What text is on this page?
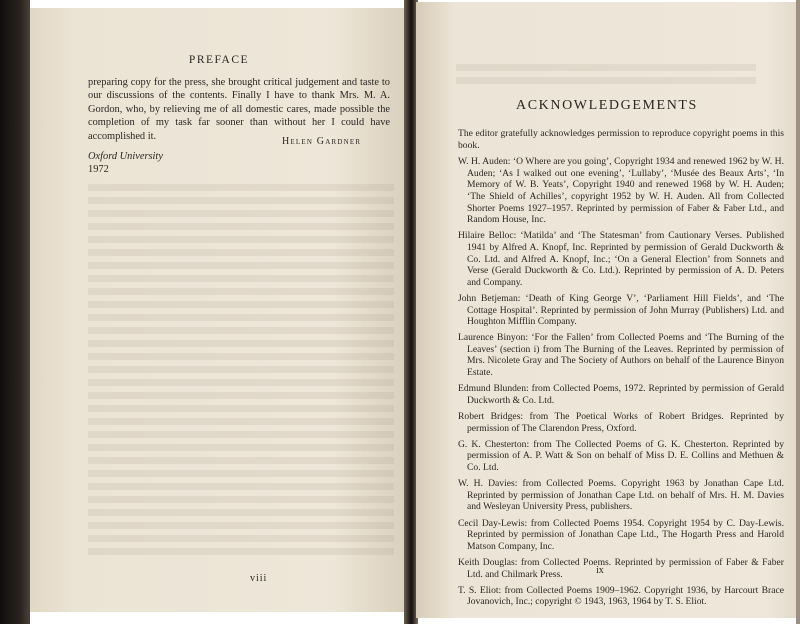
PREFACE
preparing copy for the press, she brought critical judgement and taste to our discussions of the contents. Finally I have to thank Mrs. M. A. Gordon, who, by relieving me of all domestic cares, made possible the completion of my task far sooner than without her I could have accomplished it.	Helen Gardner
Oxford University
1972
viii
ACKNOWLEDGEMENTS

The editor gratefully acknowledges permission to reproduce copyright poems in this book.

W. H. Auden: ‘O Where are you going’, Copyright 1934 and renewed 1962 by W. H. Auden; ‘As I walked out one evening’, ‘Lullaby’, ‘Musée des Beaux Arts’, ‘In Memory of W. B. Yeats’, Copyright 1940 and renewed 1968 by W. H. Auden; ‘The Shield of Achilles’, copyright 1952 by W. H. Auden. All from Collected Shorter Poems 1927–1957. Reprinted by permission of Faber & Faber Ltd., and Random House, Inc.

Hilaire Belloc: ‘Matilda’ and ‘The Statesman’ from Cautionary Verses. Published 1941 by Alfred A. Knopf, Inc. Reprinted by permission of Gerald Duckworth & Co. Ltd. and Alfred A. Knopf, Inc.; ‘On a General Election’ from Sonnets and Verse (Gerald Duckworth & Co. Ltd.). Reprinted by permission of A. D. Peters and Company.

John Betjeman: ‘Death of King George V’, ‘Parliament Hill Fields’, and ‘The Cottage Hospital’. Reprinted by permission of John Murray (Publishers) Ltd. and Houghton Mifflin Company.

Laurence Binyon: ‘For the Fallen’ from Collected Poems and ‘The Burning of the Leaves’ (section i) from The Burning of the Leaves. Reprinted by permission of Mrs. Nicolete Gray and The Society of Authors on behalf of the Laurence Binyon Estate.

Edmund Blunden: from Collected Poems, 1972. Reprinted by permission of Gerald Duckworth & Co. Ltd.

Robert Bridges: from The Poetical Works of Robert Bridges. Reprinted by permission of The Clarendon Press, Oxford.

G. K. Chesterton: from The Collected Poems of G. K. Chesterton. Reprinted by permission of A. P. Watt & Son on behalf of Miss D. E. Collins and Methuen & Co. Ltd.

W. H. Davies: from Collected Poems. Copyright 1963 by Jonathan Cape Ltd. Reprinted by permission of Jonathan Cape Ltd. on behalf of Mrs. H. M. Davies and Wesleyan University Press, publishers.

Cecil Day-Lewis: from Collected Poems 1954. Copyright 1954 by C. Day-Lewis. Reprinted by permission of Jonathan Cape Ltd., The Hogarth Press and Harold Matson Company, Inc.

Keith Douglas: from Collected Poems. Reprinted by permission of Faber & Faber Ltd. and Chilmark Press.

T. S. Eliot: from Collected Poems 1909–1962. Copyright 1936, by Harcourt Brace Jovanovich, Inc.; copyright © 1943, 1963, 1964 by T. S. Eliot.

ix
